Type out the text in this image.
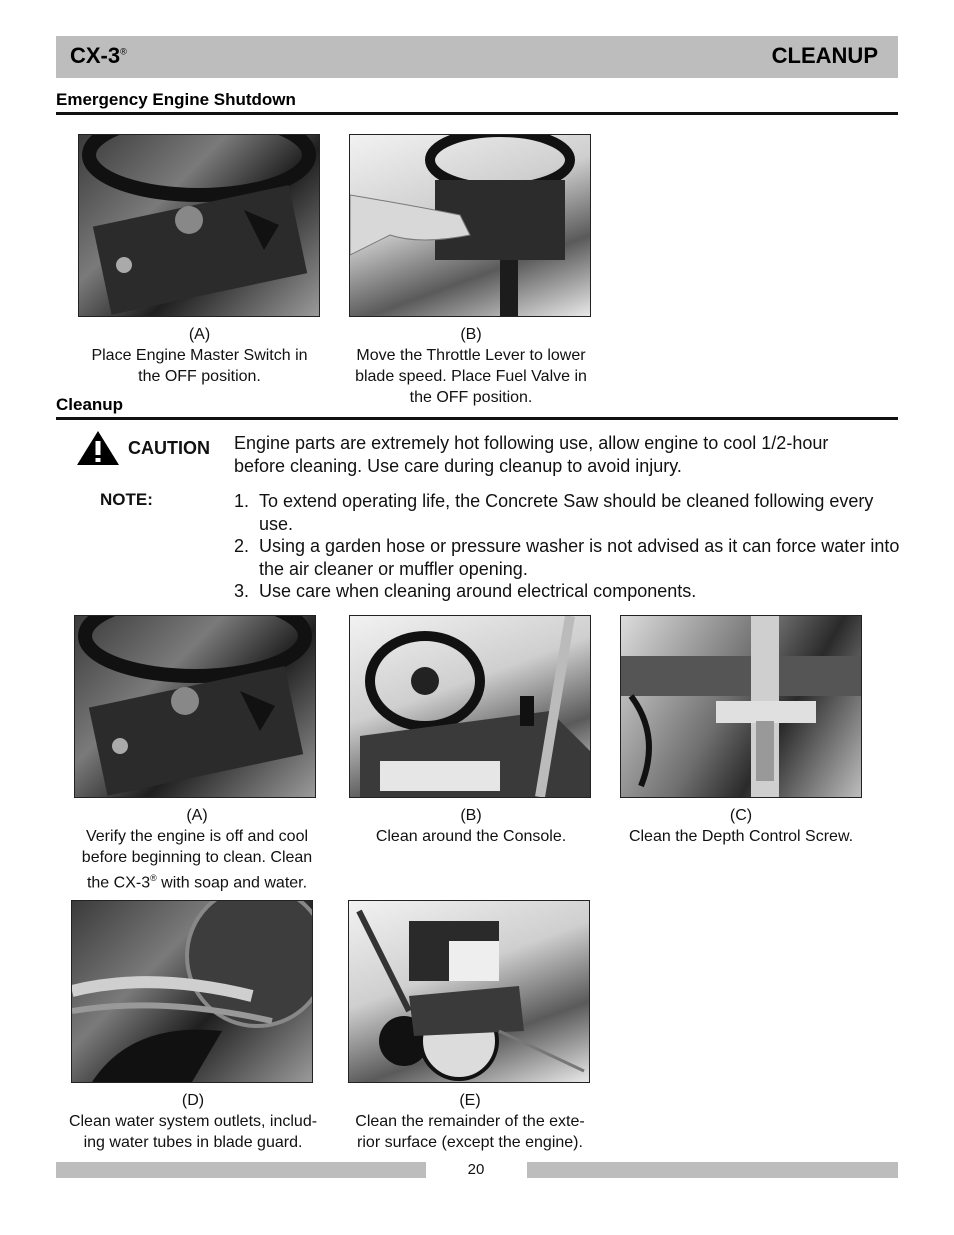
CX-3®	CLEANUP
Emergency Engine Shutdown
(A)
Place Engine Master Switch in
the OFF position.
(B)
Move the Throttle Lever to lower
blade speed. Place Fuel Valve in
the OFF position.
Cleanup
CAUTION Engine parts are extremely hot following use, allow engine to cool 1/2-hour
before cleaning. Use care during cleanup to avoid injury.
NOTE:	1. To extend operating life, the Concrete Saw should be cleaned following every use.
2. Using a garden hose or pressure washer is not advised as it can force water into the air cleaner or muffler opening.
3. Use care when cleaning around electrical components.
(A)
Verify the engine is off and cool
before beginning to clean. Clean
the CX-3® with soap and water.
(B)
Clean around the Console.
(C)
Clean the Depth Control Screw.
(D)
Clean water system outlets, includ-
ing water tubes in blade guard.
(E)
Clean the remainder of the exte-
rior surface (except the engine).
20
